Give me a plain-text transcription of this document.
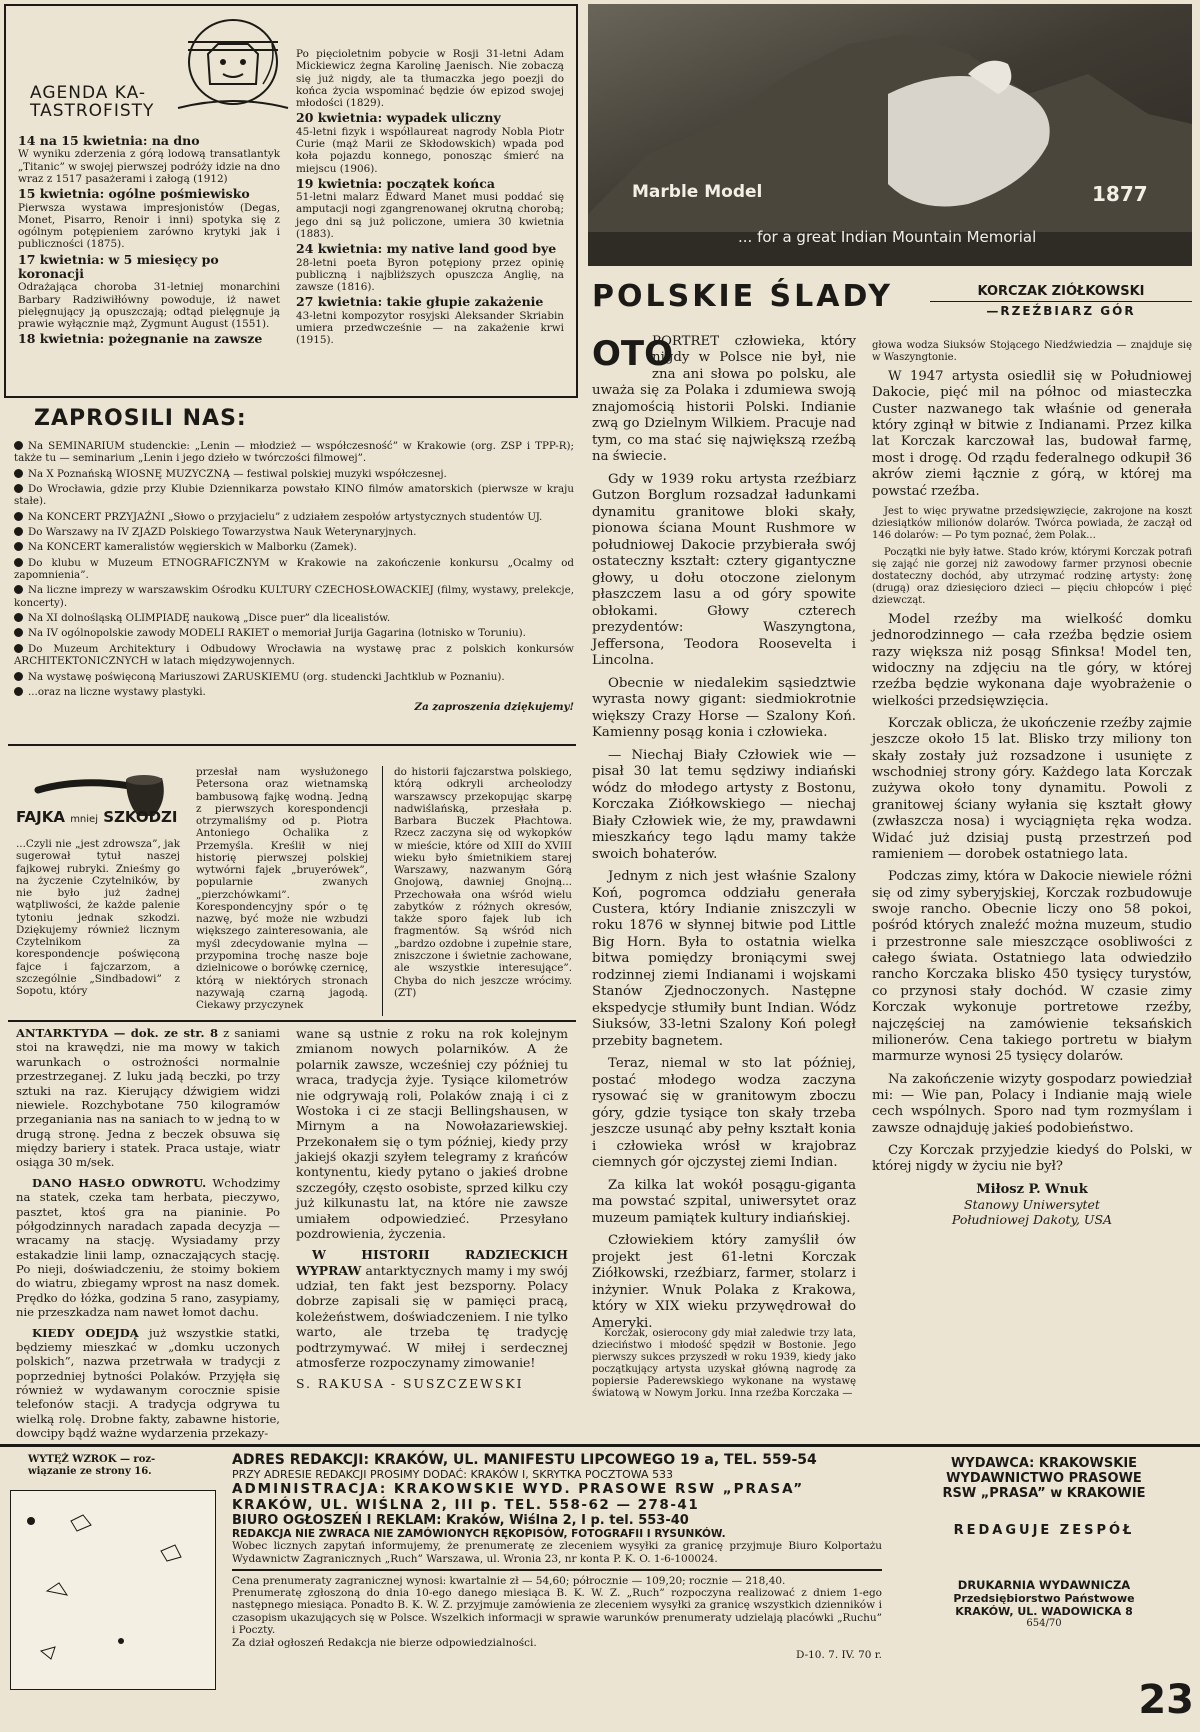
AGENDA KA-
TASTROFISTY
14 na 15 kwietnia: na dno
W wyniku zderzenia z górą lodową transatlantyk „Titanic” w swojej pierwszej podróży idzie na dno wraz z 1517 pasażerami i załogą (1912)
15 kwietnia: ogólne pośmiewisko
Pierwsza wystawa impresjonistów (Degas, Monet, Pisarro, Renoir i inni) spotyka się z ogólnym potępieniem zarówno krytyki jak i publiczności (1875).
17 kwietnia: w 5 miesięcy po koronacji
Odrażająca choroba 31-letniej monarchini Barbary Radziwiłłówny powoduje, iż nawet pielęgnujący ją opuszczają; odtąd pielęgnuje ją prawie wyłącznie mąż, Zygmunt August (1551).
18 kwietnia: pożegnanie na zawsze
Po pięcioletnim pobycie w Rosji 31-letni Adam Mickiewicz żegna Karolinę Jaenisch. Nie zobaczą się już nigdy, ale ta tłumaczka jego poezji do końca życia wspominać będzie ów epizod swojej młodości (1829).
20 kwietnia: wypadek uliczny
45-letni fizyk i współlaureat nagrody Nobla Piotr Curie (mąż Marii ze Skłodowskich) wpada pod koła pojazdu konnego, ponosząc śmierć na miejscu (1906).
19 kwietnia: początek końca
51-letni malarz Edward Manet musi poddać się amputacji nogi zgangrenowanej okrutną chorobą; jego dni są już policzone, umiera 30 kwietnia (1883).
24 kwietnia: my native land good bye
28-letni poeta Byron potępiony przez opinię publiczną i najbliższych opuszcza Anglię, na zawsze (1816).
27 kwietnia: takie głupie zakażenie
43-letni kompozytor rosyjski Aleksander Skriabin umiera przedwcześnie — na zakażenie krwi (1915).
ZAPROSILI NAS:

Na SEMINARIUM studenckie: „Lenin — młodzież — współczesność” w Krakowie (org. ZSP i TPP-R); także tu — seminarium „Lenin i jego dzieło w twórczości filmowej”.

Na X Poznańską WIOSNĘ MUZYCZNĄ — festiwal polskiej muzyki współczesnej.

Do Wrocławia, gdzie przy Klubie Dziennikarza powstało KINO filmów amatorskich (pierwsze w kraju stałe).

Na KONCERT PRZYJAŹNI „Słowo o przyjacielu” z udziałem zespołów artystycznych studentów UJ.

Do Warszawy na IV ZJAZD Polskiego Towarzystwa Nauk Weterynaryjnych.

Na KONCERT kameralistów węgierskich w Malborku (Zamek).

Do klubu w Muzeum ETNOGRAFICZNYM w Krakowie na zakończenie konkursu „Ocalmy od zapomnienia”.

Na liczne imprezy w warszawskim Ośrodku KULTURY CZECHOSŁOWACKIEJ (filmy, wystawy, prelekcje, koncerty).

Na XI dolnośląską OLIMPIADĘ naukową „Disce puer” dla licealistów.

Na IV ogólnopolskie zawody MODELI RAKIET o memoriał Jurija Gagarina (lotnisko w Toruniu).

Do Muzeum Architektury i Odbudowy Wrocławia na wystawę prac z polskich konkursów ARCHITEKTONICZNYCH w latach międzywojennych.

Na wystawę poświęconą Mariuszowi ZARUSKIEMU (org. studencki Jachtklub w Poznaniu).

...oraz na liczne wystawy plastyki.

Za zaproszenia dziękujemy!

FAJKA mniej SZKODZI
...Czyli nie „jest zdrowsza”, jak sugerował tytuł naszej fajkowej rubryki. Znieśmy go na życzenie Czytelników, by nie było już żadnej wątpliwości, że każde palenie tytoniu jednak szkodzi. Dziękujemy również licznym Czytelnikom za korespondencje poświęconą fajce i fajczarzom, a szczególnie „Sindbadowi” z Sopotu, który
przesłał nam wysłużonego Petersona oraz wietnamską bambusową fajkę wodną. Jedną z pierwszych korespondencji otrzymaliśmy od p. Piotra Antoniego Ochalika z Przemyśla. Kreślił w niej historię pierwszej polskiej wytwórni fajek „bruyerówek”, popularnie zwanych „pierzchówkami”. Korespondencyjny spór o tę nazwę, być może nie wzbudzi większego zainteresowania, ale myśl zdecydowanie mylna — przypomina trochę nasze boje dzielnicowe o borówkę czernicę, którą w niektórych stronach nazywają czarną jagodą. Ciekawy przyczynek
do historii fajczarstwa polskiego, którą odkryli archeolodzy warszawscy przekopując skarpę nadwiślańską, przesłała p. Barbara Buczek Płachtowa. Rzecz zaczyna się od wykopków w mieście, które od XIII do XVIII wieku było śmietnikiem starej Warszawy, nazwanym Górą Gnojową, dawniej Gnojną... Przechowała ona wśród wielu zabytków z różnych okresów, także sporo fajek lub ich fragmentów. Są wśród nich „bardzo ozdobne i zupełnie stare, zniszczone i świetnie zachowane, ale wszystkie interesujące”. Chyba do nich jeszcze wrócimy. (ZT)

ANTARKTYDA — dok. ze str. 8 z saniami stoi na krawędzi, nie ma mowy w takich warunkach o ostrożności normalnie przestrzeganej. Z luku jadą beczki, po trzy sztuki na raz. Kierujący dźwigiem widzi niewiele. Rozchybotane 750 kilogramów przeganiania nas na saniach to w jedną to w drugą stronę. Jedna z beczek obsuwa się między bariery i statek. Praca ustaje, wiatr osiąga 30 m/sek.

DANO HASŁO ODWROTU. Wchodzimy na statek, czeka tam herbata, pieczywo, pasztet, ktoś gra na pianinie. Po półgodzinnych naradach zapada decyzja — wracamy na stację. Wysiadamy przy estakadzie linii lamp, oznaczających stację. Po nieji, doświadczeniu, że stoimy bokiem do wiatru, zbiegamy wprost na nasz domek. Prędko do łóżka, godzina 5 rano, zasypiamy, nie przeszkadza nam nawet łomot dachu.

KIEDY ODEJDĄ już wszystkie statki, będziemy mieszkać w „domku uczonych polskich”, nazwa przetrwała w tradycji z poprzedniej bytności Polaków. Przyjęła się również w wydawanym corocznie spisie telefonów stacji. A tradycja odgrywa tu wielką rolę. Drobne fakty, zabawne historie, dowcipy bądź ważne wydarzenia przekazy-

wane są ustnie z roku na rok kolejnym zmianom nowych polarników. A że polarnik zawsze, wcześniej czy później tu wraca, tradycja żyje. Tysiące kilometrów nie odgrywają roli, Polaków znają i ci z Wostoka i ci ze stacji Bellingshausen, w Mirnym a na Nowołazariewskiej. Przekonałem się o tym później, kiedy przy jakiejś okazji szyłem telegramy z krańców kontynentu, kiedy pytano o jakieś drobne szczegóły, często osobiste, sprzed kilku czy już kilkunastu lat, na które nie zawsze umiałem odpowiedzieć. Przesyłano pozdrowienia, życzenia.

W HISTORII RADZIECKICH WYPRAW antarktycznych mamy i my swój udział, ten fakt jest bezsporny. Polacy dobrze zapisali się w pamięci pracą, koleżeństwem, doświadczeniem. I nie tylko warto, ale trzeba tę tradycję podtrzymywać. W miłej i serdecznej atmosferze rozpoczynamy zimowanie!

S. RAKUSA - SUSZCZEWSKI

Marble Model
... for a great Indian Mountain Memorial
1877
POLSKIE ŚLADY	KORCZAK ZIÓŁKOWSKI
—RZEŹBIARZ GÓR
OTO

PORTRET człowieka, który nigdy w Polsce nie był, nie zna ani słowa po polsku, ale uważa się za Polaka i zdumiewa swoją znajomością historii Polski. Indianie zwą go Dzielnym Wilkiem. Pracuje nad tym, co ma stać się największą rzeźbą na świecie.

Gdy w 1939 roku artysta rzeźbiarz Gutzon Borglum rozsadzał ładunkami dynamitu granitowe bloki skały, pionowa ściana Mount Rushmore w południowej Dakocie przybierała swój ostateczny kształt: cztery gigantyczne głowy, u dołu otoczone zielonym płaszczem lasu a od góry spowite obłokami. Głowy czterech prezydentów: Waszyngtona, Jeffersona, Teodora Roosevelta i Lincolna.

Obecnie w niedalekim sąsiedztwie wyrasta nowy gigant: siedmiokrotnie większy Crazy Horse — Szalony Koń. Kamienny posąg konia i człowieka.

— Niechaj Biały Człowiek wie — pisał 30 lat temu sędziwy indiański wódz do młodego artysty z Bostonu, Korczaka Ziółkowskiego — niechaj Biały Człowiek wie, że my, prawdawni mieszkańcy tego lądu mamy także swoich bohaterów.

Jednym z nich jest właśnie Szalony Koń, pogromca oddziału generała Custera, który Indianie zniszczyli w roku 1876 w słynnej bitwie pod Little Big Horn. Była to ostatnia wielka bitwa pomiędzy broniącymi swej rodzinnej ziemi Indianami i wojskami Stanów Zjednoczonych. Następne ekspedycje stłumiły bunt Indian. Wódz Siuksów, 33-letni Szalony Koń poległ przebity bagnetem.

Teraz, niemal w sto lat później, postać młodego wodza zaczyna rysować się w granitowym zboczu góry, gdzie tysiące ton skały trzeba jeszcze usunąć aby pełny kształt konia i człowieka wrósł w krajobraz ciemnych gór ojczystej ziemi Indian.

Za kilka lat wokół posągu-giganta ma powstać szpital, uniwersytet oraz muzeum pamiątek kultury indiańskiej.

Człowiekiem który zamyślił ów projekt jest 61-letni Korczak Ziółkowski, rzeźbiarz, farmer, stolarz i inżynier. Wnuk Polaka z Krakowa, który w XIX wieku przywędrował do Ameryki.

Korczak, osierocony gdy miał zaledwie trzy lata, dzieciństwo i młodość spędził w Bostonie. Jego pierwszy sukces przyszedł w roku 1939, kiedy jako początkujący artysta uzyskał główną nagrodę za popiersie Paderewskiego wykonane na wystawę światową w Nowym Jorku. Inna rzeźba Korczaka —

głowa wodza Siuksów Stojącego Niedźwiedzia — znajduje się w Waszyngtonie.

W 1947 artysta osiedlił się w Południowej Dakocie, pięć mil na północ od miasteczka Custer nazwanego tak właśnie od generała który zginął w bitwie z Indianami. Przez kilka lat Korczak karczował las, budował farmę, most i drogę. Od rządu federalnego odkupił 36 akrów ziemi łącznie z górą, w której ma powstać rzeźba.

Jest to więc prywatne przedsięwzięcie, zakrojone na koszt dziesiątków milionów dolarów. Twórca powiada, że zaczął od 146 dolarów: — Po tym poznać, żem Polak...

Początki nie były łatwe. Stado krów, którymi Korczak potrafi się zająć nie gorzej niż zawodowy farmer przynosi obecnie dostateczny dochód, aby utrzymać rodzinę artysty: żonę (drugą) oraz dziesięcioro dzieci — pięciu chłopców i pięć dziewcząt.

Model rzeźby ma wielkość domku jednorodzinnego — cała rzeźba będzie osiem razy większa niż posąg Sfinksa! Model ten, widoczny na zdjęciu na tle góry, w której rzeźba będzie wykonana daje wyobrażenie o wielkości przedsięwzięcia.

Korczak oblicza, że ukończenie rzeźby zajmie jeszcze około 15 lat. Blisko trzy miliony ton skały zostały już rozsadzone i usunięte z wschodniej strony góry. Każdego lata Korczak zużywa około tony dynamitu. Powoli z granitowej ściany wyłania się kształt głowy (zwłaszcza nosa) i wyciągnięta ręka wodza. Widać już dzisiaj pustą przestrzeń pod ramieniem — dorobek ostatniego lata.

Podczas zimy, która w Dakocie niewiele różni się od zimy syberyjskiej, Korczak rozbudowuje swoje rancho. Obecnie liczy ono 58 pokoi, pośród których znaleźć można muzeum, studio i przestronne sale mieszczące osobliwości z całego świata. Ostatniego lata odwiedziło rancho Korczaka blisko 450 tysięcy turystów, co przynosi stały dochód. W czasie zimy Korczak wykonuje portretowe rzeźby, najczęściej na zamówienie teksańskich milionerów. Cena takiego portretu w białym marmurze wynosi 25 tysięcy dolarów.

Na zakończenie wizyty gospodarz powiedział mi: — Wie pan, Polacy i Indianie mają wiele cech wspólnych. Sporo nad tym rozmyślam i zawsze odnajduję jakieś podobieństwo.

Czy Korczak przyjedzie kiedyś do Polski, w której nigdy w życiu nie był?

Miłosz P. Wnuk
Stanowy Uniwersytet
Południowej Dakoty, USA
WYTĘŻ WZROK — roz-
wiązanie ze strony 16.

ADRES REDAKCJI: KRAKÓW, UL. MANIFESTU LIPCOWEGO 19 a, TEL. 559-54

PRZY ADRESIE REDAKCJI PROSIMY DODAĆ: KRAKÓW I, SKRYTKA POCZTOWA 533

ADMINISTRACJA: KRAKOWSKIE WYD. PRASOWE RSW „PRASA”

KRAKÓW, UL. WIŚLNA 2, III p. TEL. 558-62 — 278-41

BIURO OGŁOSZEŃ I REKLAM: Kraków, Wiślna 2, I p. tel. 553-40

REDAKCJA NIE ZWRACA NIE ZAMÓWIONYCH RĘKOPISÓW, FOTOGRAFII I RYSUNKÓW.

Wobec licznych zapytań informujemy, że prenumeratę ze zleceniem wysyłki za granicę przyjmuje Biuro Kolportażu Wydawnictw Zagranicznych „Ruch” Warszawa, ul. Wronia 23, nr konta P. K. O. 1-6-100024.

Cena prenumeraty zagranicznej wynosi: kwartalnie zł — 54,60; półrocznie — 109,20; rocznie — 218,40.

Prenumeratę zgłoszoną do dnia 10-ego danego miesiąca B. K. W. Z. „Ruch” rozpoczyna realizować z dniem 1-ego następnego miesiąca. Ponadto B. K. W. Z. przyjmuje zamówienia ze zleceniem wysyłki za granicę wszystkich dzienników i czasopism ukazujących się w Polsce. Wszelkich informacji w sprawie warunków prenumeraty udzielają placówki „Ruchu” i Poczty.

Za dział ogłoszeń Redakcja nie bierze odpowiedzialności.

D-10. 7. IV. 70 r.

WYDAWCA: KRAKOWSKIE
WYDAWNICTWO PRASOWE
RSW „PRASA” w KRAKOWIE
REDAGUJE ZESPÓŁ
DRUKARNIA WYDAWNICZA
Przedsiębiorstwo Państwowe
KRAKÓW, UL. WADOWICKA 8
654/70
23
